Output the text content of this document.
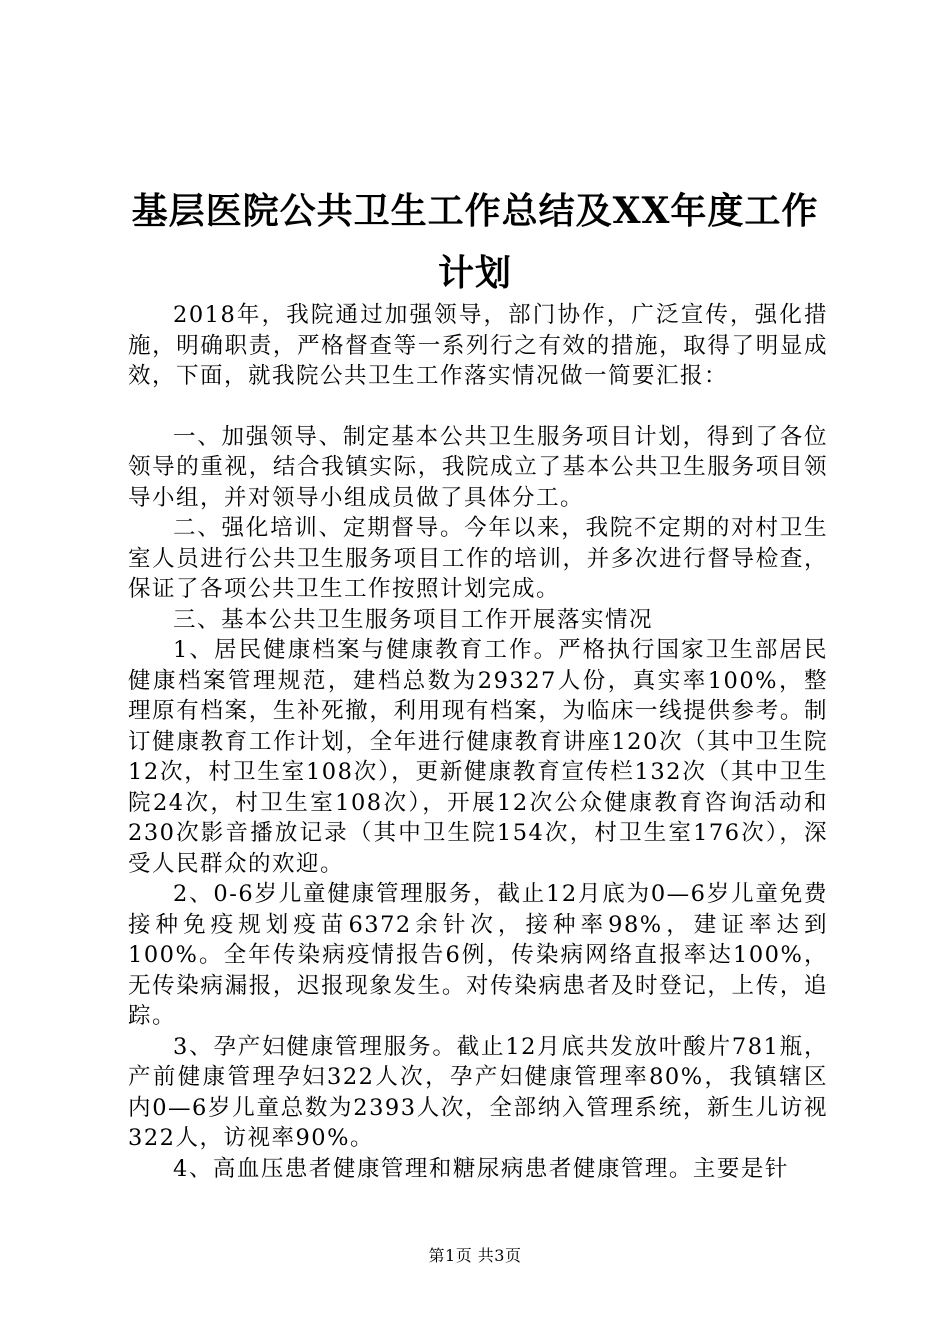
基层医院公共卫生工作总结及XX年度工作计划

2018年，我院通过加强领导，部门协作，广泛宣传，强化措施，明确职责，严格督查等一系列行之有效的措施，取得了明显成效，下面，就我院公共卫生工作落实情况做一简要汇报：

一、加强领导、制定基本公共卫生服务项目计划，得到了各位领导的重视，结合我镇实际，我院成立了基本公共卫生服务项目领导小组，并对领导小组成员做了具体分工。

二、强化培训、定期督导。今年以来，我院不定期的对村卫生室人员进行公共卫生服务项目工作的培训，并多次进行督导检查，保证了各项公共卫生工作按照计划完成。

三、基本公共卫生服务项目工作开展落实情况

1、居民健康档案与健康教育工作。严格执行国家卫生部居民健康档案管理规范，建档总数为29327人份，真实率100%，整理原有档案，生补死撤，利用现有档案，为临床一线提供参考。制订健康教育工作计划，全年进行健康教育讲座120次（其中卫生院12次，村卫生室108次），更新健康教育宣传栏132次（其中卫生院24次，村卫生室108次），开展12次公众健康教育咨询活动和230次影音播放记录（其中卫生院154次，村卫生室176次），深受人民群众的欢迎。

2、0-6岁儿童健康管理服务，截止12月底为0—6岁儿童免费接种免疫规划疫苗6372余针次，接种率98%，建证率达到100%。全年传染病疫情报告6例，传染病网络直报率达100%，无传染病漏报，迟报现象发生。对传染病患者及时登记，上传，追踪。

3、孕产妇健康管理服务。截止12月底共发放叶酸片781瓶，产前健康管理孕妇322人次，孕产妇健康管理率80%，我镇辖区内0—6岁儿童总数为2393人次，全部纳入管理系统，新生儿访视322人，访视率90%。

4、高血压患者健康管理和糖尿病患者健康管理。主要是针

第1页 共3页
